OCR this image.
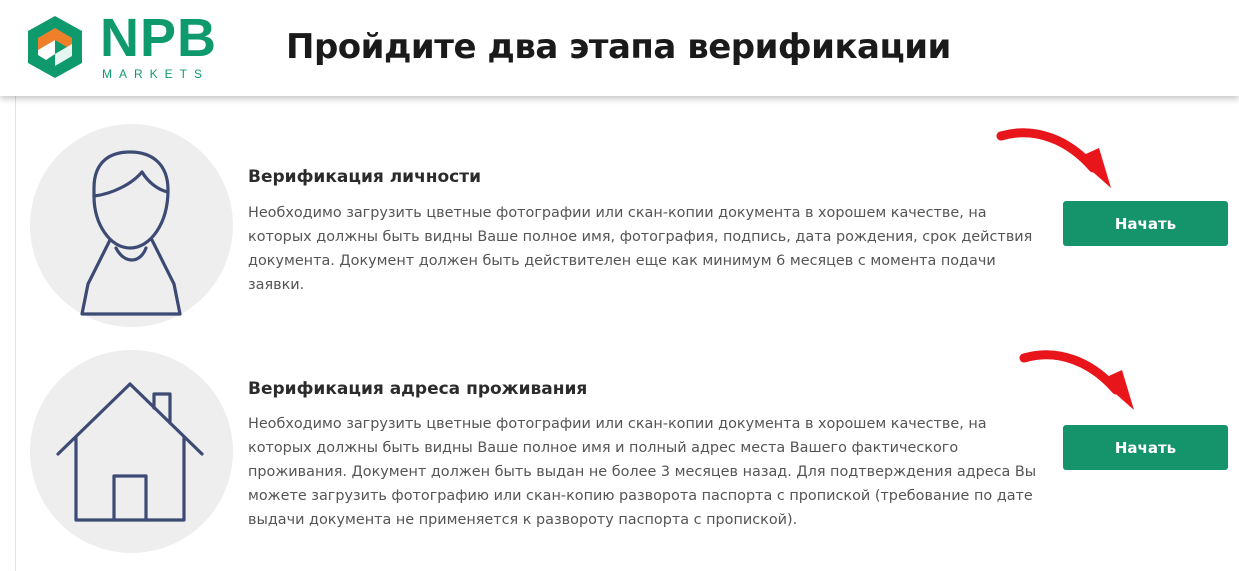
NPB
MARKETS
Пройдите два этапа верификации
Верификация личности
Необходимо загрузить цветные фотографии или скан-копии документа в хорошем качестве, на
которых должны быть видны Ваше полное имя, фотография, подпись, дата рождения, срок действия
документа. Документ должен быть действителен еще как минимум 6 месяцев с момента подачи
заявки.
Начать
Верификация адреса проживания
Необходимо загрузить цветные фотографии или скан-копии документа в хорошем качестве, на
которых должны быть видны Ваше полное имя и полный адрес места Вашего фактического
проживания. Документ должен быть выдан не более 3 месяцев назад. Для подтверждения адреса Вы
можете загрузить фотографию или скан-копию разворота паспорта с пропиской (требование по дате
выдачи документа не применяется к развороту паспорта с пропиской).
Начать
